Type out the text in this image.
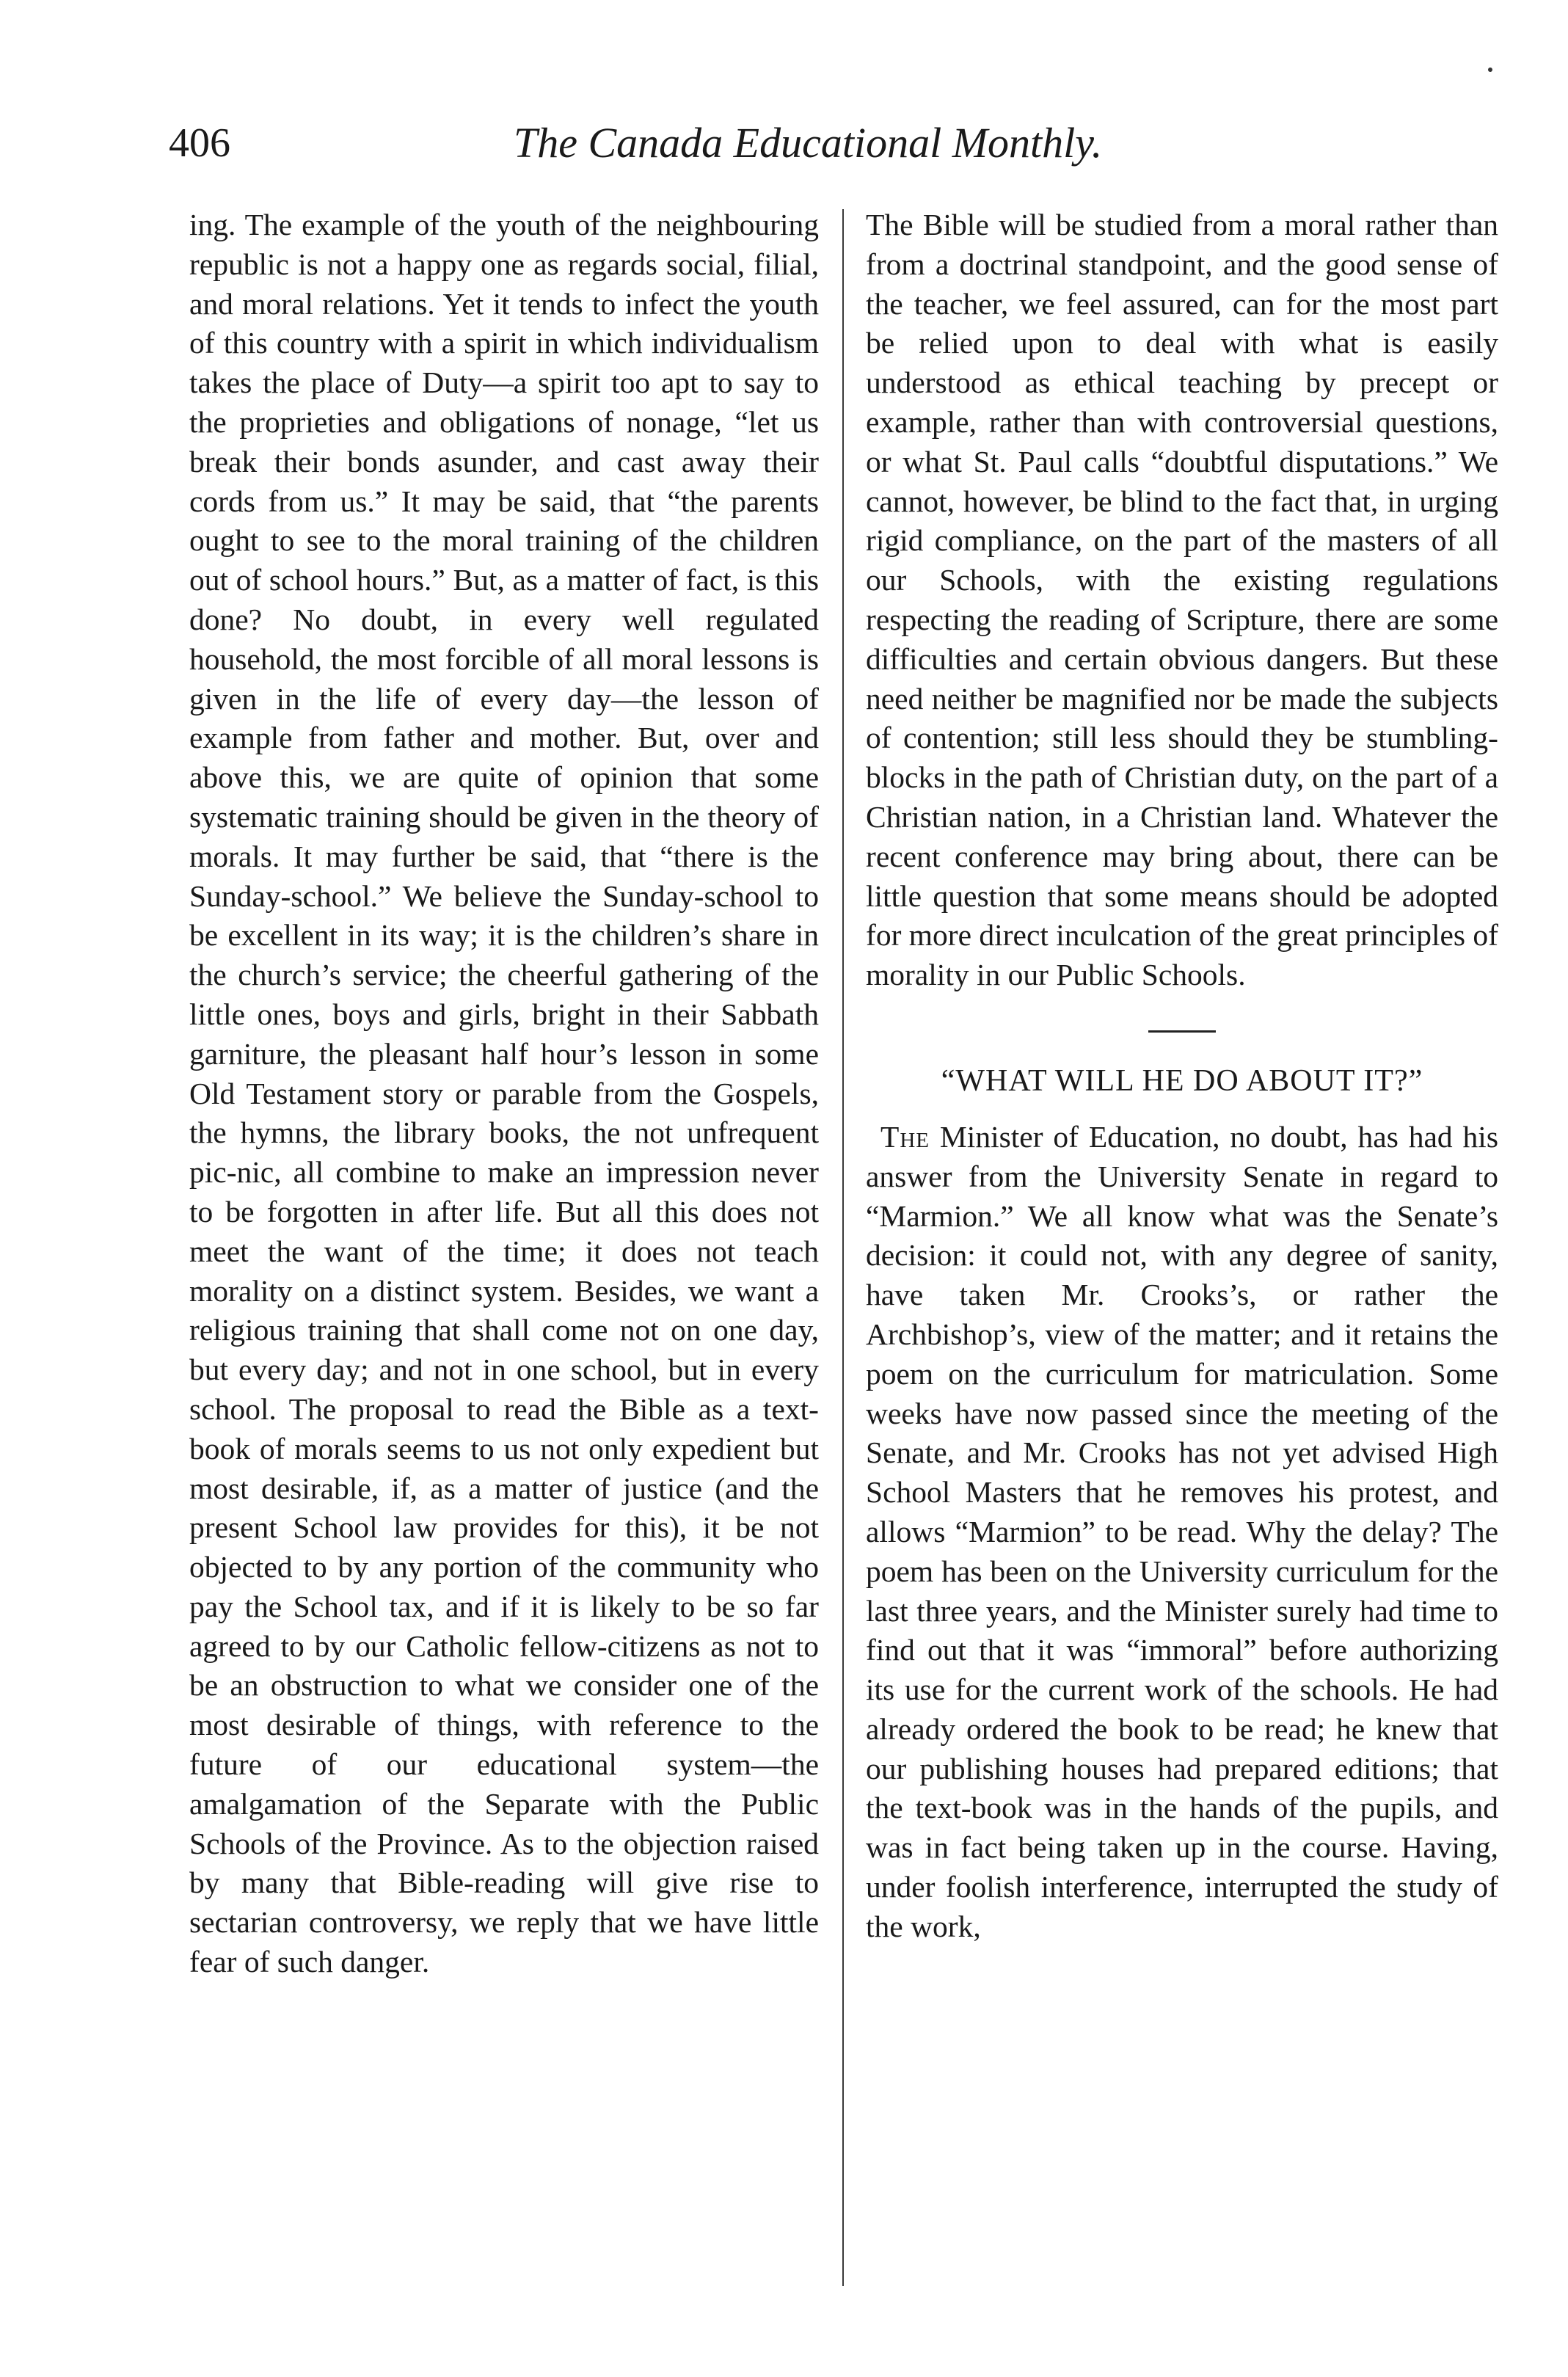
406	The Canada Educational Monthly.

ing. The example of the youth of the neighbouring republic is not a happy one as regards social, filial, and moral relations. Yet it tends to infect the youth of this country with a spirit in which individualism takes the place of Duty—a spirit too apt to say to the proprieties and obligations of nonage, “let us break their bonds asunder, and cast away their cords from us.” It may be said, that “the parents ought to see to the moral training of the children out of school hours.” But, as a matter of fact, is this done? No doubt, in every well regulated household, the most forcible of all moral lessons is given in the life of every day—the lesson of example from father and mother. But, over and above this, we are quite of opinion that some systematic training should be given in the theory of morals. It may further be said, that “there is the Sunday-school.” We believe the Sunday-school to be excellent in its way; it is the children’s share in the church’s service; the cheerful gathering of the little ones, boys and girls, bright in their Sabbath garniture, the pleasant half hour’s lesson in some Old Testament story or parable from the Gospels, the hymns, the library books, the not unfrequent pic-nic, all combine to make an impression never to be forgotten in after life. But all this does not meet the want of the time; it does not teach morality on a distinct system. Besides, we want a religious training that shall come not on one day, but every day; and not in one school, but in every school. The proposal to read the Bible as a text-book of morals seems to us not only expedient but most desirable, if, as a matter of justice (and the present School law provides for this), it be not objected to by any portion of the community who pay the School tax, and if it is likely to be so far agreed to by our Catholic fellow-citizens as not to be an obstruction to what we consider one of the most desirable of things, with reference to the future of our educational system—the amalgamation of the Separate with the Public Schools of the Province. As to the objection raised by many that Bible-reading will give rise to sectarian controversy, we reply that we have little fear of such danger.

The Bible will be studied from a moral rather than from a doctrinal standpoint, and the good sense of the teacher, we feel assured, can for the most part be relied upon to deal with what is easily understood as ethical teaching by precept or example, rather than with controversial questions, or what St. Paul calls “doubtful disputations.” We cannot, however, be blind to the fact that, in urging rigid compliance, on the part of the masters of all our Schools, with the existing regulations respecting the reading of Scripture, there are some difficulties and certain obvious dangers. But these need neither be magnified nor be made the subjects of contention; still less should they be stumbling-blocks in the path of Christian duty, on the part of a Christian nation, in a Christian land. Whatever the recent conference may bring about, there can be little question that some means should be adopted for more direct inculcation of the great principles of morality in our Public Schools.

“WHAT WILL HE DO ABOUT IT?”

The Minister of Education, no doubt, has had his answer from the University Senate in regard to “Marmion.” We all know what was the Senate’s decision: it could not, with any degree of sanity, have taken Mr. Crooks’s, or rather the Archbishop’s, view of the matter; and it retains the poem on the curriculum for matriculation. Some weeks have now passed since the meeting of the Senate, and Mr. Crooks has not yet advised High School Masters that he removes his protest, and allows “Marmion” to be read. Why the delay? The poem has been on the University curriculum for the last three years, and the Minister surely had time to find out that it was “immoral” before authorizing its use for the current work of the schools. He had already ordered the book to be read; he knew that our publishing houses had prepared editions; that the text-book was in the hands of the pupils, and was in fact being taken up in the course. Having, under foolish interference, interrupted the study of the work,
